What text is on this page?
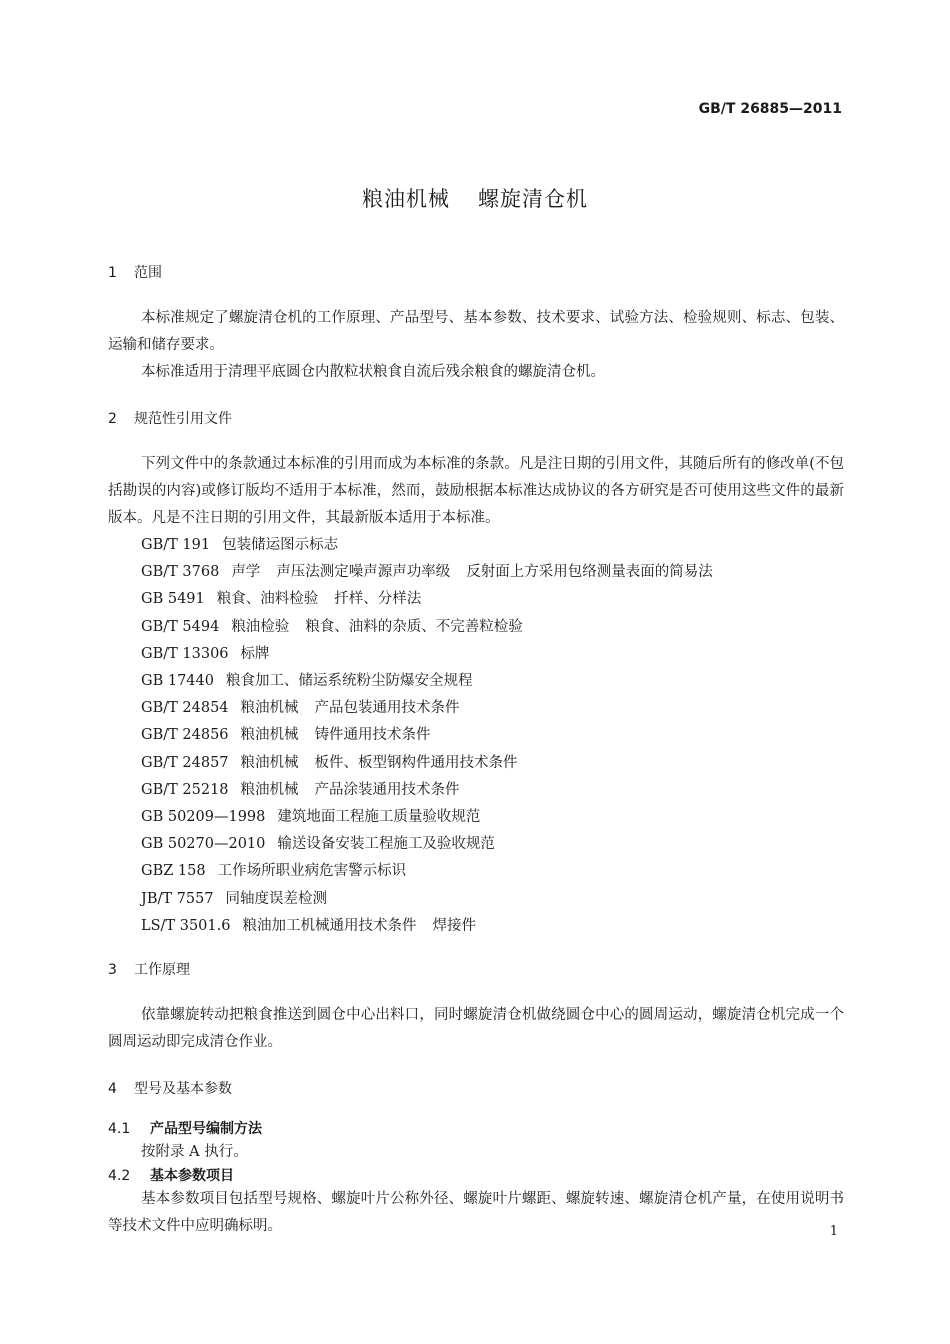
GB/T 26885—2011
粮油机械 螺旋清仓机
1 范围

本标准规定了螺旋清仓机的工作原理、产品型号、基本参数、技术要求、试验方法、检验规则、标志、包装、运输和储存要求。

本标准适用于清理平底圆仓内散粒状粮食自流后残余粮食的螺旋清仓机。

2 规范性引用文件

下列文件中的条款通过本标准的引用而成为本标准的条款。凡是注日期的引用文件，其随后所有的修改单(不包括勘误的内容)或修订版均不适用于本标准，然而，鼓励根据本标准达成协议的各方研究是否可使用这些文件的最新版本。凡是不注日期的引用文件，其最新版本适用于本标准。

GB/T 191 包装储运图示标志
GB/T 3768 声学 声压法测定噪声源声功率级 反射面上方采用包络测量表面的简易法
GB 5491 粮食、油料检验 扦样、分样法
GB/T 5494 粮油检验 粮食、油料的杂质、不完善粒检验
GB/T 13306 标牌
GB 17440 粮食加工、储运系统粉尘防爆安全规程
GB/T 24854 粮油机械 产品包装通用技术条件
GB/T 24856 粮油机械 铸件通用技术条件
GB/T 24857 粮油机械 板件、板型钢构件通用技术条件
GB/T 25218 粮油机械 产品涂装通用技术条件
GB 50209—1998 建筑地面工程施工质量验收规范
GB 50270—2010 输送设备安装工程施工及验收规范
GBZ 158 工作场所职业病危害警示标识
JB/T 7557 同轴度误差检测
LS/T 3501.6 粮油加工机械通用技术条件 焊接件
3 工作原理

依靠螺旋转动把粮食推送到圆仓中心出料口，同时螺旋清仓机做绕圆仓中心的圆周运动，螺旋清仓机完成一个圆周运动即完成清仓作业。

4 型号及基本参数
4.1 产品型号编制方法

按附录 A 执行。

4.2 基本参数项目

基本参数项目包括型号规格、螺旋叶片公称外径、螺旋叶片螺距、螺旋转速、螺旋清仓机产量，在使用说明书等技术文件中应明确标明。	1
